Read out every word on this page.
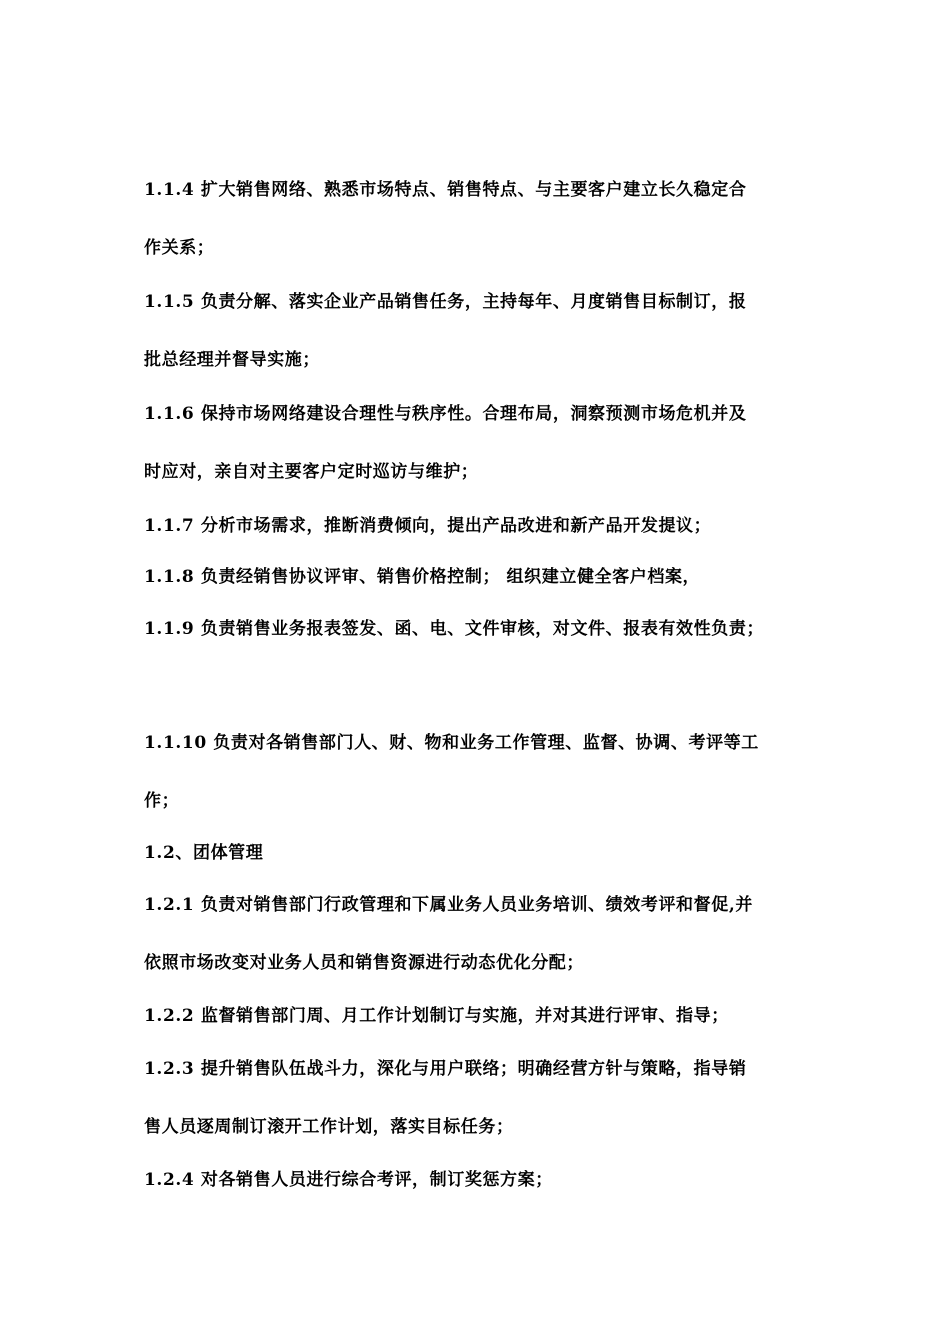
1.1.4 扩大销售网络、熟悉市场特点、销售特点、与主要客户建立长久稳定合
作关系；
1.1.5 负责分解、落实企业产品销售任务，主持每年、月度销售目标制订，报
批总经理并督导实施；
1.1.6 保持市场网络建设合理性与秩序性。合理布局，洞察预测市场危机并及
时应对，亲自对主要客户定时巡访与维护；
1.1.7 分析市场需求，推断消费倾向，提出产品改进和新产品开发提议；
1.1.8 负责经销售协议评审、销售价格控制； 组织建立健全客户档案，
1.1.9 负责销售业务报表签发、函、电、文件审核，对文件、报表有效性负责；
1.1.10 负责对各销售部门人、财、物和业务工作管理、监督、协调、考评等工
作；
1.2、团体管理
1.2.1 负责对销售部门行政管理和下属业务人员业务培训、绩效考评和督促,并
依照市场改变对业务人员和销售资源进行动态优化分配；
1.2.2 监督销售部门周、月工作计划制订与实施，并对其进行评审、指导；
1.2.3 提升销售队伍战斗力，深化与用户联络；明确经营方针与策略，指导销
售人员逐周制订滚开工作计划，落实目标任务；
1.2.4 对各销售人员进行综合考评，制订奖惩方案；
